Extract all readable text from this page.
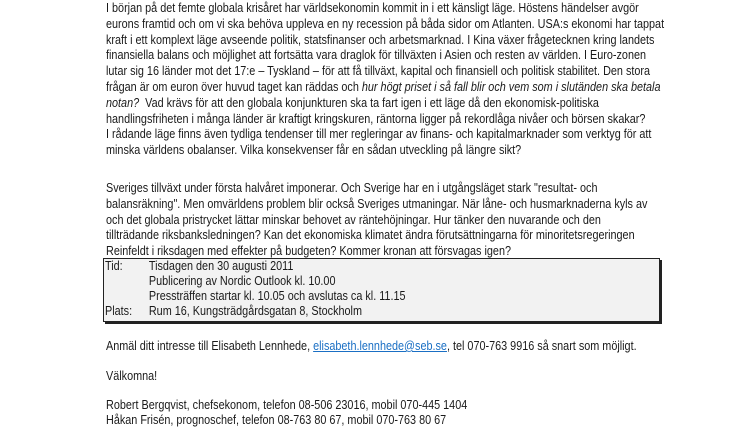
I början på det femte globala krisåret har världsekonomin kommit in i ett känsligt läge. Höstens händelser avgör
eurons framtid och om vi ska behöva uppleva en ny recession på båda sidor om Atlanten. USA:s ekonomi har tappat
kraft i ett komplext läge avseende politik, statsfinanser och arbetsmarknad. I Kina växer frågetecknen kring landets
finansiella balans och möjlighet att fortsätta vara draglok för tillväxten i Asien och resten av världen. I Euro-zonen
lutar sig 16 länder mot det 17:e – Tyskland – för att få tillväxt, kapital och finansiell och politisk stabilitet. Den stora
frågan är om euron över huvud taget kan räddas och hur högt priset i så fall blir och vem som i slutänden ska betala
notan?  Vad krävs för att den globala konjunkturen ska ta fart igen i ett läge då den ekonomisk-politiska
handlingsfriheten i många länder är kraftigt kringskuren, räntorna ligger på rekordlåga nivåer och börsen skakar?
I rådande läge finns även tydliga tendenser till mer regleringar av finans- och kapitalmarknader som verktyg för att
minska världens obalanser. Vilka konsekvenser får en sådan utveckling på längre sikt?
Sveriges tillväxt under första halvåret imponerar. Och Sverige har en i utgångsläget stark "resultat- och
balansräkning". Men omvärldens problem blir också Sveriges utmaningar. När låne- och husmarknaderna kyls av
och det globala pristrycket lättar minskar behovet av räntehöjningar. Hur tänker den nuvarande och den
tillträdande riksbanksledningen? Kan det ekonomiska klimatet ändra förutsättningarna för minoritetsregeringen
Reinfeldt i riksdagen med effekter på budgeten? Kommer kronan att försvagas igen?
Tid: Tisdagen den 30 augusti 2011
Publicering av Nordic Outlook kl. 10.00
Pressträffen startar kl. 10.05 och avslutas ca kl. 11.15
Plats: Rum 16, Kungsträdgårdsgatan 8, Stockholm
Anmäl ditt intresse till Elisabeth Lennhede, elisabeth.lennhede@seb.se, tel 070-763 9916 så snart som möjligt.
Välkomna!
Robert Bergqvist, chefsekonom, telefon 08-506 23016, mobil 070-445 1404
Håkan Frisén, prognoschef, telefon 08-763 80 67, mobil 070-763 80 67
